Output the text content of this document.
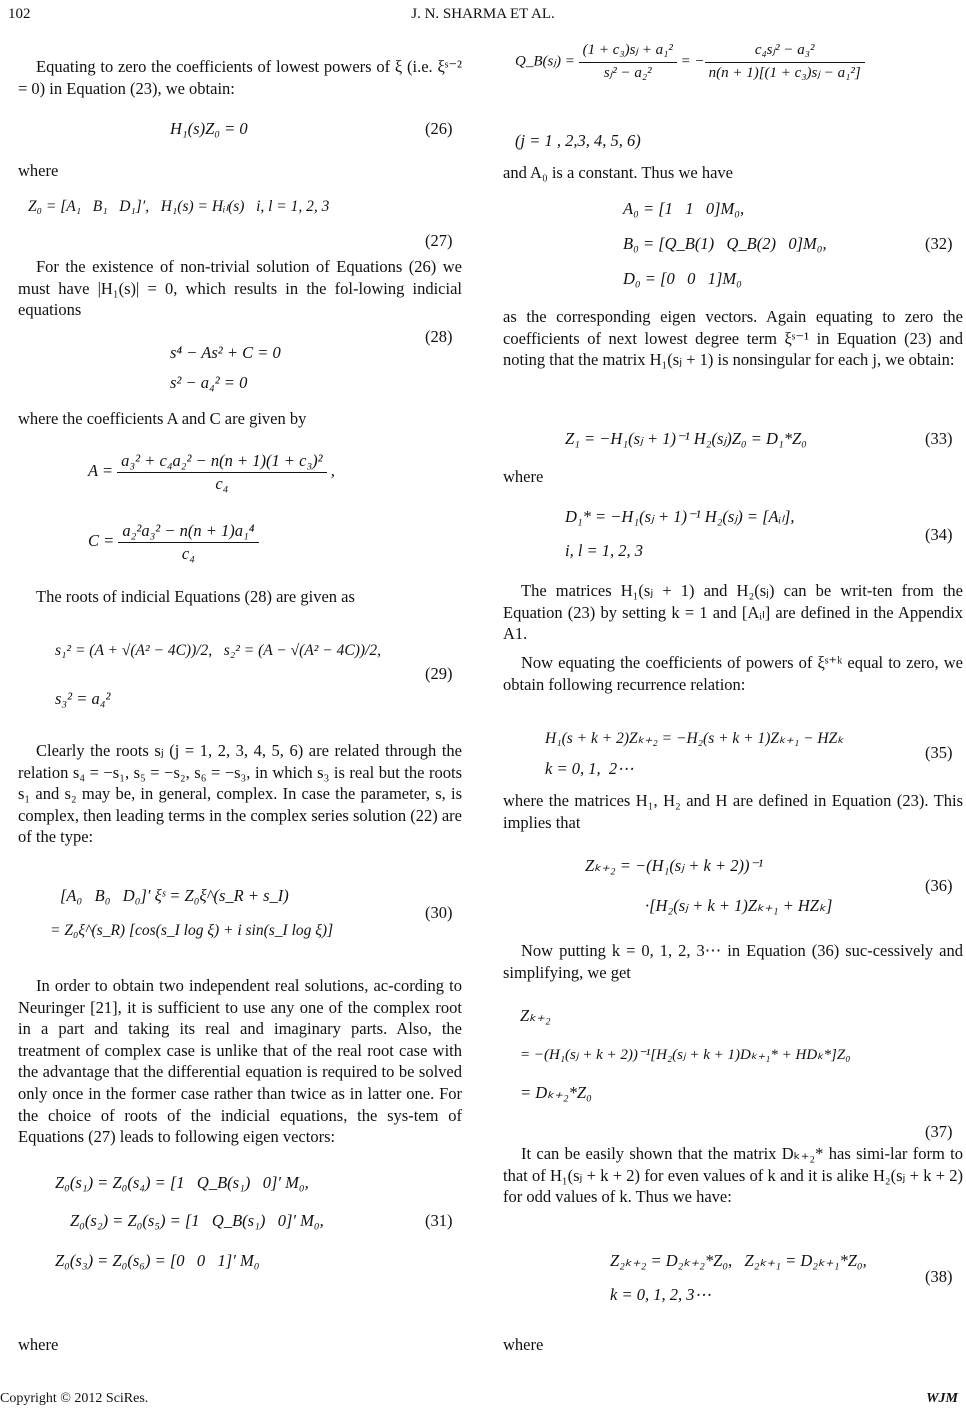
102	J. N. SHARMA ET AL.
Equating to zero the coefficients of lowest powers of ξ (i.e. ξˢ⁻² = 0) in Equation (23), we obtain:
H₁(s)Z₀ = 0	(26)
where
Z₀ = [A₁   B₁   D₁]′,   H₁(s) = Hᵢₗ(s)   i, l = 1, 2, 3
(27)
For the existence of non-trivial solution of Equations (26) we must have |H₁(s)| = 0, which results in the fol-lowing indicial equations
s⁴ − As² + C = 0
s² − a₄² = 0
(28)
where the coefficients A and C are given by
$A = \frac{\text{a₃² + c₄a₂² − n(n + 1)(1 + c₃)²}}{\text{c₄}}$ ,
$C = \frac{\text{a₂²a₃² − n(n + 1)a₁⁴}}{\text{c₄}}$
The roots of indicial Equations (28) are given as
s₁² = (A + √(A² − 4C))/2,   s₂² = (A − √(A² − 4C))/2,
s₃² = a₄²
(29)
Clearly the roots sⱼ (j = 1, 2, 3, 4, 5, 6) are related through the relation s₄ = −s₁, s₅ = −s₂, s₆ = −s₃, in which s₃ is real but the roots s₁ and s₂ may be, in general, complex. In case the parameter, s, is complex, then leading terms in the complex series solution (22) are of the type:
[A₀   B₀   D₀]′ ξˢ = Z₀ξ^(s_R + s_I)
= Z₀ξ^(s_R) [cos(s_I log ξ) + i sin(s_I log ξ)]
(30)
In order to obtain two independent real solutions, ac-cording to Neuringer [21], it is sufficient to use any one of the complex root in a part and taking its real and imaginary parts. Also, the treatment of complex case is unlike that of the real root case with the advantage that the differential equation is required to be solved only once in the former case rather than twice as in latter one. For the choice of roots of the indicial equations, the sys-tem of Equations (27) leads to following eigen vectors:
Z₀(s₁) = Z₀(s₄) = [1   Q_B(s₁)   0]′ M₀,
Z₀(s₂) = Z₀(s₅) = [1   Q_B(s₁)   0]′ M₀,
Z₀(s₃) = Z₀(s₆) = [0   0   1]′ M₀
(31)
where
Q_B(sⱼ) = $\frac{\text{(1 + c₃)sⱼ + a₁²}}{\text{sⱼ² − a₂²}}$ = − $\frac{\text{c₄sⱼ² − a₃²}}{\text{n(n + 1)[(1 + c₃)sⱼ − a₁²]}}$
(j = 1 , 2,3, 4, 5, 6)
and A₀ is a constant. Thus we have
A₀ = [1   1   0]M₀,
B₀ = [Q_B(1)   Q_B(2)   0]M₀,
D₀ = [0   0   1]M₀
(32)
as the corresponding eigen vectors. Again equating to zero the coefficients of next lowest degree term ξˢ⁻¹ in Equation (23) and noting that the matrix H₁(sⱼ + 1) is nonsingular for each j, we obtain:
Z₁ = −H₁(sⱼ + 1)⁻¹ H₂(sⱼ)Z₀ = D₁*Z₀	(33)
where
D₁* = −H₁(sⱼ + 1)⁻¹ H₂(sⱼ) = [Aᵢₗ],
i, l = 1, 2, 3
(34)
The matrices H₁(sⱼ + 1) and H₂(sⱼ) can be writ-ten from the Equation (23) by setting k = 1 and [Aᵢₗ] are defined in the Appendix A1.
Now equating the coefficients of powers of ξˢ⁺ᵏ equal to zero, we obtain following recurrence relation:
H₁(s + k + 2)Zₖ₊₂ = −H₂(s + k + 1)Zₖ₊₁ − HZₖ
k = 0, 1,  2⋯
(35)
where the matrices H₁, H₂ and H are defined in Equation (23). This implies that
Zₖ₊₂ = −(H₁(sⱼ + k + 2))⁻¹
·[H₂(sⱼ + k + 1)Zₖ₊₁ + HZₖ]
(36)
Now putting k = 0, 1, 2, 3⋯ in Equation (36) suc-cessively and simplifying, we get
Zₖ₊₂
= −(H₁(sⱼ + k + 2))⁻¹[H₂(sⱼ + k + 1)Dₖ₊₁* + HDₖ*]Z₀
= Dₖ₊₂*Z₀
(37)
It can be easily shown that the matrix Dₖ₊₂* has simi-lar form to that of H₁(sⱼ + k + 2) for even values of k and it is alike H₂(sⱼ + k + 2) for odd values of k. Thus we have:
Z₂ₖ₊₂ = D₂ₖ₊₂*Z₀,   Z₂ₖ₊₁ = D₂ₖ₊₁*Z₀,
k = 0, 1, 2, 3⋯
(38)
where
Copyright © 2012 SciRes.	WJM
